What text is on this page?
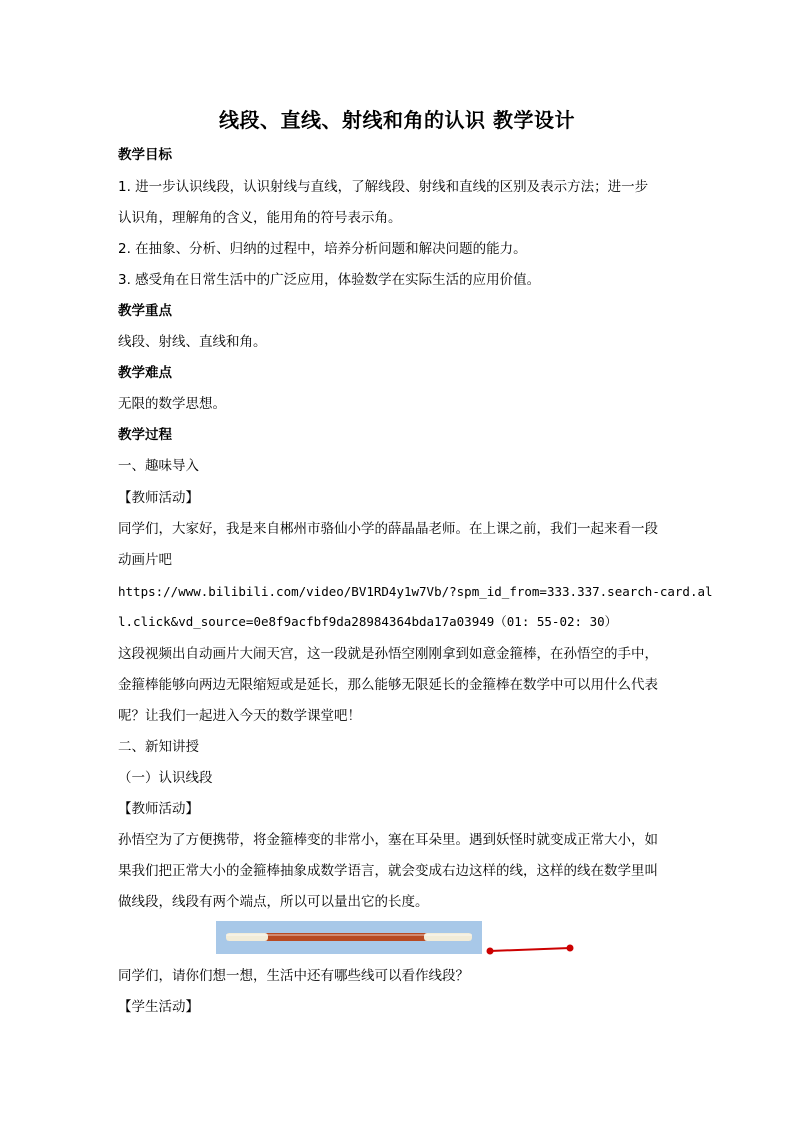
线段、直线、射线和角的认识 教学设计
教学目标
1. 进一步认识线段，认识射线与直线，了解线段、射线和直线的区别及表示方法；进一步
认识角，理解角的含义，能用角的符号表示角。
2. 在抽象、分析、归纳的过程中，培养分析问题和解决问题的能力。
3. 感受角在日常生活中的广泛应用，体验数学在实际生活的应用价值。
教学重点
线段、射线、直线和角。
教学难点
无限的数学思想。
教学过程
一、趣味导入
【教师活动】
同学们，大家好，我是来自郴州市骆仙小学的薛晶晶老师。在上课之前，我们一起来看一段
动画片吧
https://www.bilibili.com/video/BV1RD4y1w7Vb/?spm_id_from=333.337.search-card.al
l.click&vd_source=0e8f9acfbf9da28984364bda17a03949（01: 55-02: 30）
这段视频出自动画片大闹天宫，这一段就是孙悟空刚刚拿到如意金箍棒，在孙悟空的手中，
金箍棒能够向两边无限缩短或是延长，那么能够无限延长的金箍棒在数学中可以用什么代表
呢？让我们一起进入今天的数学课堂吧！
二、新知讲授
（一）认识线段
【教师活动】
孙悟空为了方便携带，将金箍棒变的非常小，塞在耳朵里。遇到妖怪时就变成正常大小，如
果我们把正常大小的金箍棒抽象成数学语言，就会变成右边这样的线，这样的线在数学里叫
做线段，线段有两个端点，所以可以量出它的长度。
同学们，请你们想一想，生活中还有哪些线可以看作线段？
【学生活动】
